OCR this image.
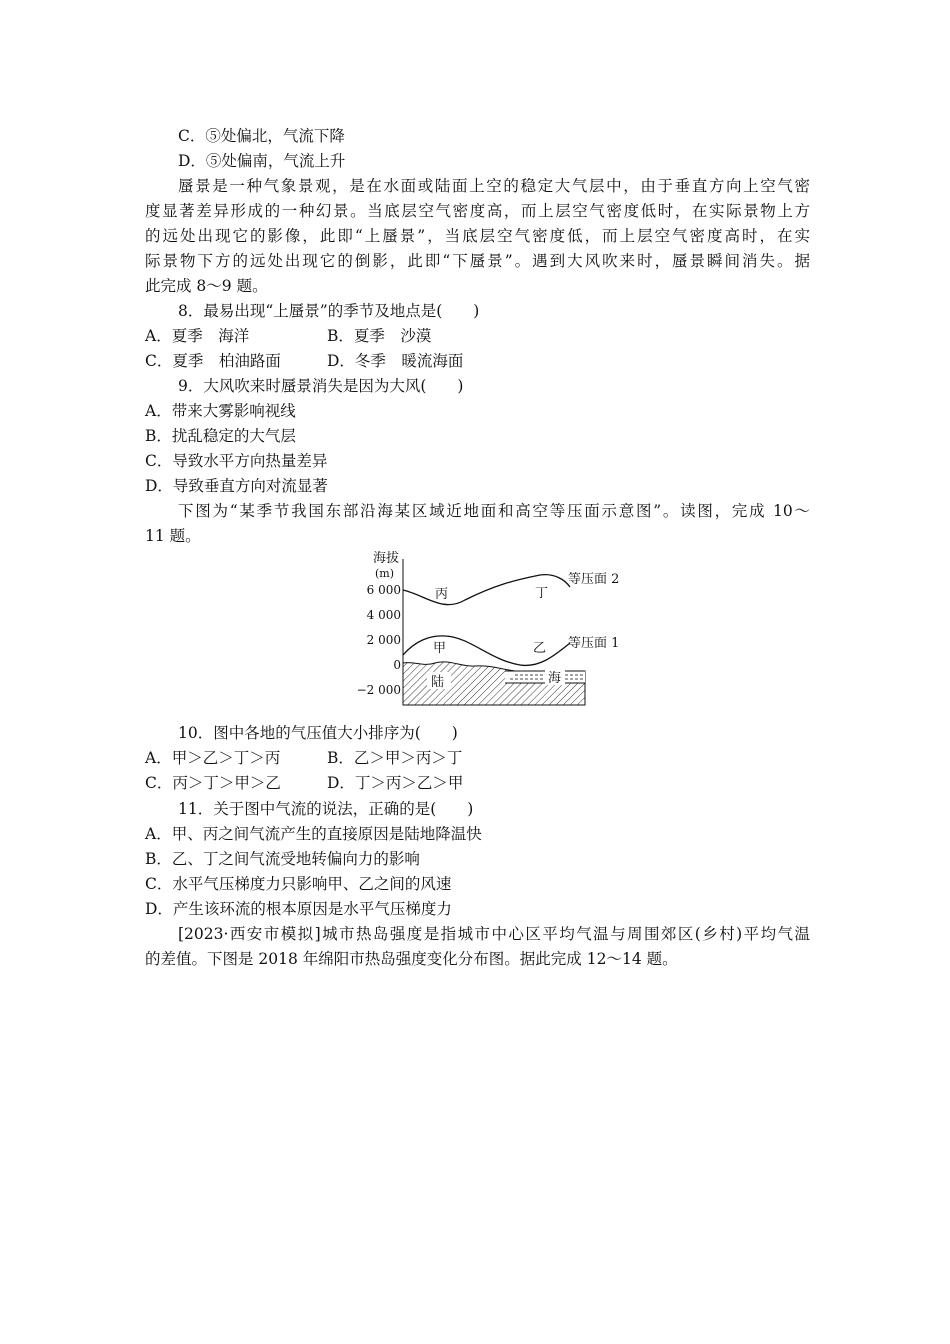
C．⑤处偏北，气流下降
D．⑤处偏南，气流上升
蜃景是一种气象景观，是在水面或陆面上空的稳定大气层中，由于垂直方向上空气密
度显著差异形成的一种幻景。当底层空气密度高，而上层空气密度低时，在实际景物上方
的远处出现它的影像，此即“上蜃景”，当底层空气密度低，而上层空气密度高时，在实
际景物下方的远处出现它的倒影，此即“下蜃景”。遇到大风吹来时，蜃景瞬间消失。据
此完成 8～9 题。
8．最易出现“上蜃景”的季节及地点是(　　)
A．夏季　海洋	B．夏季　沙漠
C．夏季　柏油路面	D．冬季　暖流海面
9．大风吹来时蜃景消失是因为大风(　　)
A．带来大雾影响视线
B．扰乱稳定的大气层
C．导致水平方向热量差异
D．导致垂直方向对流显著
下图为“某季节我国东部沿海某区域近地面和高空等压面示意图”。读图，完成 10～
11 题。
海拔
(m)
6 000
4 000
2 000
0
−2 000
等压面 2
丙	丁
等压面 1
甲	乙
陆	海
10．图中各地的气压值大小排序为(　　)
A．甲＞乙＞丁＞丙	B．乙＞甲＞丙＞丁
C．丙＞丁＞甲＞乙	D．丁＞丙＞乙＞甲
11．关于图中气流的说法，正确的是(　　)
A．甲、丙之间气流产生的直接原因是陆地降温快
B．乙、丁之间气流受地转偏向力的影响
C．水平气压梯度力只影响甲、乙之间的风速
D．产生该环流的根本原因是水平气压梯度力
[2023·西安市模拟]城市热岛强度是指城市中心区平均气温与周围郊区(乡村)平均气温
的差值。下图是 2018 年绵阳市热岛强度变化分布图。据此完成 12～14 题。
